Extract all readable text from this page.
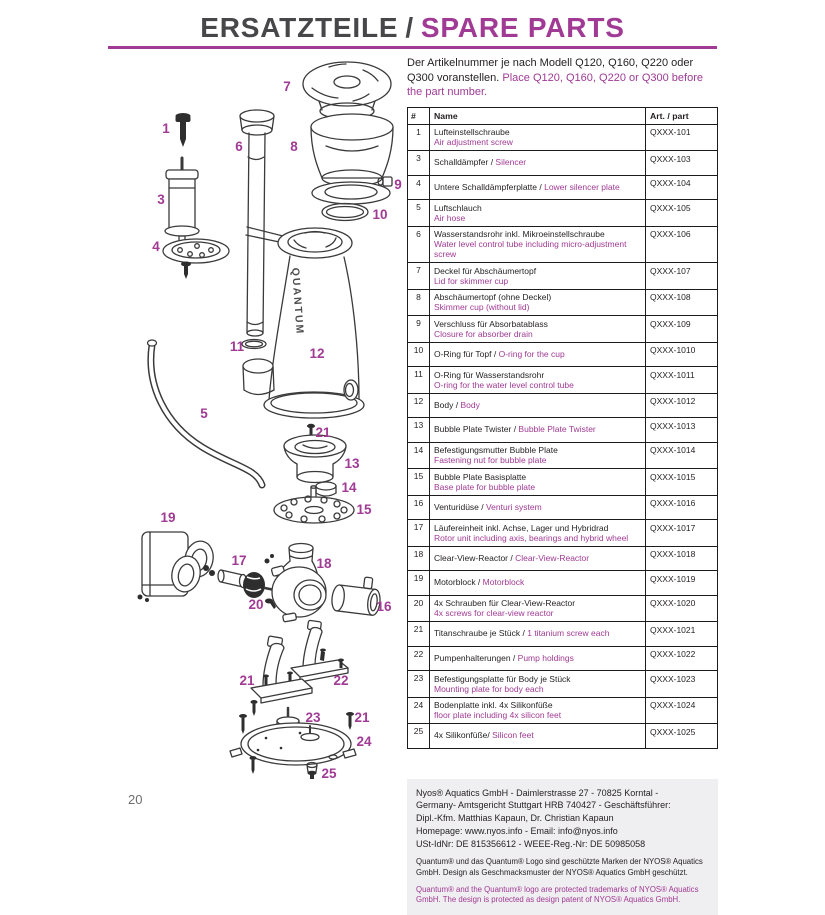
ERSATZTEILE / SPARE PARTS
QUANTUM
1
3
4
5
6
7
8
9
10
11	12
13
14
15
16
17	18
19
20
21
21
21
22
23
24
25

Der Artikelnummer je nach Modell Q120, Q160, Q220 oder Q300 voranstellen. Place Q120, Q160, Q220 or Q300 before the part number.

#	Name	Art. / part
1	Lufteinstellschraube
Air adjustment screw	QXXX-101
3	Schalldämpfer / Silencer	QXXX-103
4	Untere Schalldämpferplatte / Lower silencer plate	QXXX-104
5	Luftschlauch
Air hose	QXXX-105
6	Wasserstandsrohr inkl. Mikroeinstellschraube
Water level control tube including micro-adjustment screw	QXXX-106
7	Deckel für Abschäumertopf
Lid for skimmer cup	QXXX-107
8	Abschäumertopf (ohne Deckel)
Skimmer cup (without lid)	QXXX-108
9	Verschluss für Absorbatablass
Closure for absorber drain	QXXX-109
10	O-Ring für Topf / O-ring for the cup	QXXX-1010
11	O-Ring für Wasserstandsrohr
O-ring for the water level control tube	QXXX-1011
12	Body / Body	QXXX-1012
13	Bubble Plate Twister / Bubble Plate Twister	QXXX-1013
14	Befestigungsmutter Bubble Plate
Fastening nut for bubble plate	QXXX-1014
15	Bubble Plate Basisplatte
Base plate for bubble plate	QXXX-1015
16	Venturidüse / Venturi system	QXXX-1016
17	Läufereinheit inkl. Achse, Lager und Hybridrad
Rotor unit including axis, bearings and hybrid wheel	QXXX-1017
18	Clear-View-Reactor / Clear-View-Reactor	QXXX-1018
19	Motorblock / Motorblock	QXXX-1019
20	4x Schrauben für Clear-View-Reactor
4x screws for clear-view reactor	QXXX-1020
21	Titanschraube je Stück / 1 titanium screw each	QXXX-1021
22	Pumpenhalterungen / Pump holdings	QXXX-1022
23	Befestigungsplatte für Body je Stück
Mounting plate for body each	QXXX-1023
24	Bodenplatte inkl. 4x Silikonfüße
floor plate including 4x silicon feet	QXXX-1024
25	4x Silikonfüße/ Silicon feet	QXXX-1025
Nyos® Aquatics GmbH - Daimlerstrasse 27 - 70825 Korntal -
Germany- Amtsgericht Stuttgart HRB 740427 - Geschäftsführer:
Dipl.-Kfm. Matthias Kapaun, Dr. Christian Kapaun
Homepage: www.nyos.info - Email: info@nyos.info
USt-IdNr: DE 815356612 - WEEE-Reg.-Nr: DE 50985058

Quantum® und das Quantum® Logo sind geschützte Marken der NYOS® Aquatics GmbH. Design als Geschmacksmuster der NYOS® Aquatics GmbH geschützt.

Quantum® and the Quantum® logo are protected trademarks of NYOS® Aquatics GmbH. The design is protected as design patent of NYOS® Aquatics GmbH.

20
